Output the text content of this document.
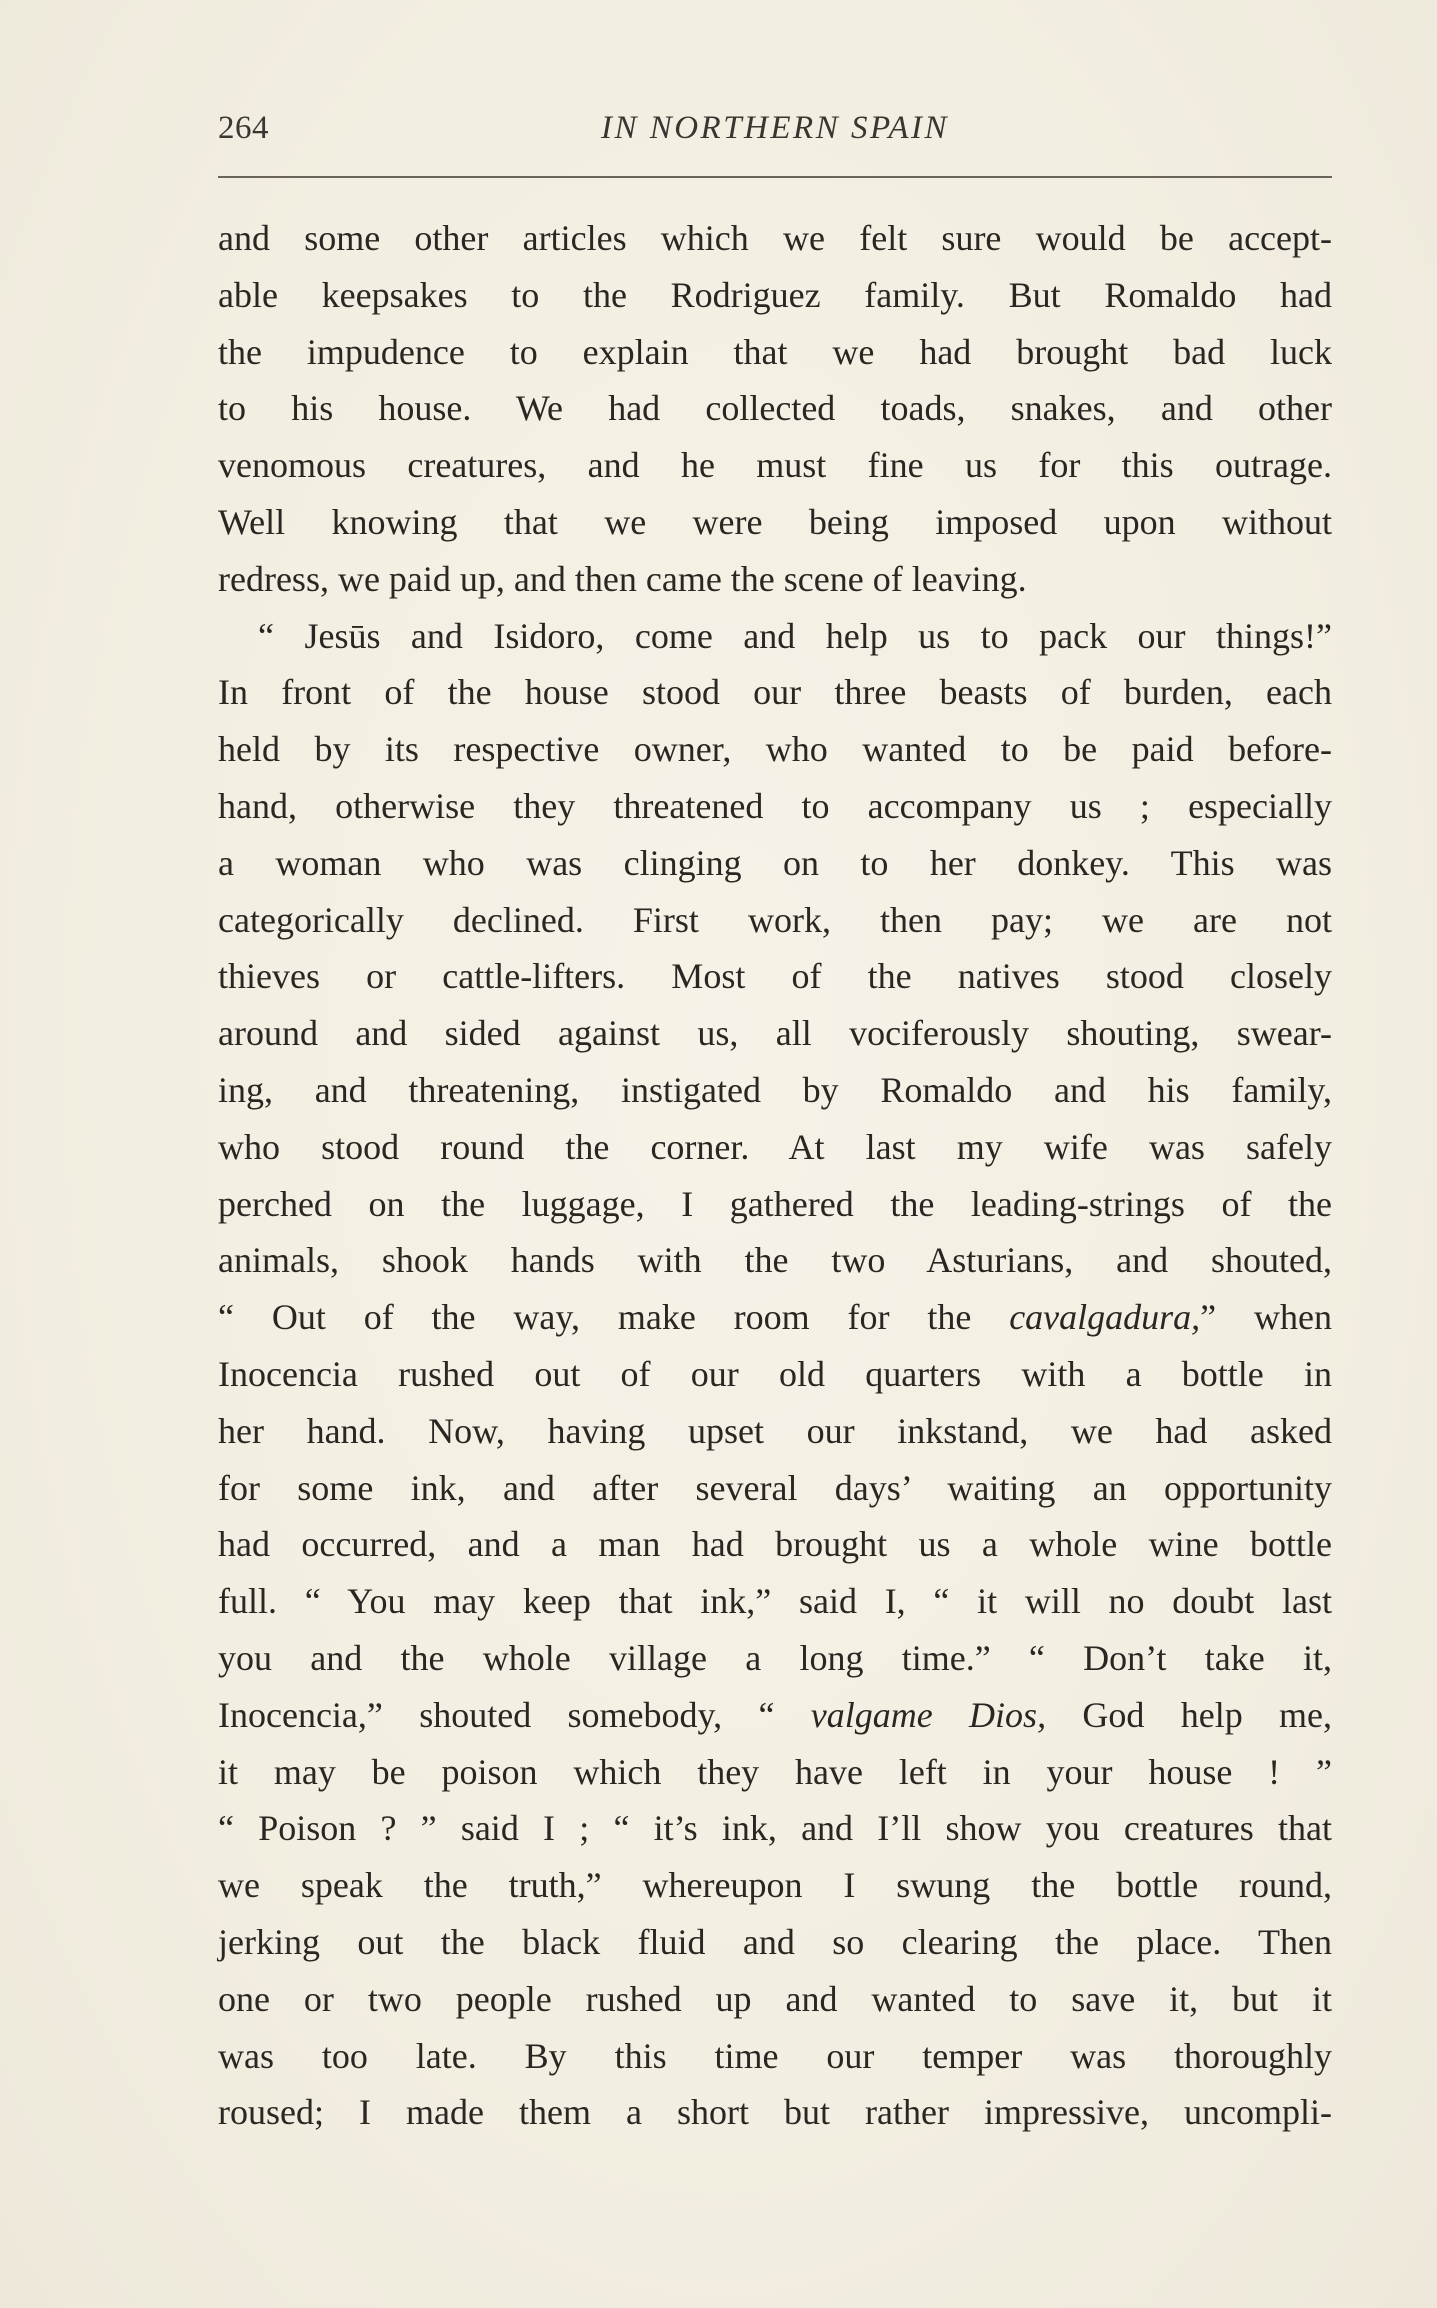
264	IN NORTHERN SPAIN
and some other articles which we felt sure would be accept-
able keepsakes to the Rodriguez family. But Romaldo had
the impudence to explain that we had brought bad luck
to his house. We had collected toads, snakes, and other
venomous creatures, and he must fine us for this outrage.
Well knowing that we were being imposed upon without
redress, we paid up, and then came the scene of leaving.
“ Jesūs and Isidoro, come and help us to pack our things!”
In front of the house stood our three beasts of burden, each
held by its respective owner, who wanted to be paid before-
hand, otherwise they threatened to accompany us ; especially
a woman who was clinging on to her donkey. This was
categorically declined. First work, then pay; we are not
thieves or cattle-lifters. Most of the natives stood closely
around and sided against us, all vociferously shouting, swear-
ing, and threatening, instigated by Romaldo and his family,
who stood round the corner. At last my wife was safely
perched on the luggage, I gathered the leading-strings of the
animals, shook hands with the two Asturians, and shouted,
“ Out of the way, make room for the cavalgadura,” when
Inocencia rushed out of our old quarters with a bottle in
her hand. Now, having upset our inkstand, we had asked
for some ink, and after several days’ waiting an opportunity
had occurred, and a man had brought us a whole wine bottle
full. “ You may keep that ink,” said I, “ it will no doubt last
you and the whole village a long time.” “ Don’t take it,
Inocencia,” shouted somebody, “ valgame Dios, God help me,
it may be poison which they have left in your house ! ”
“ Poison ? ” said I ; “ it’s ink, and I’ll show you creatures that
we speak the truth,” whereupon I swung the bottle round,
jerking out the black fluid and so clearing the place. Then
one or two people rushed up and wanted to save it, but it
was too late. By this time our temper was thoroughly
roused; I made them a short but rather impressive, uncompli-
